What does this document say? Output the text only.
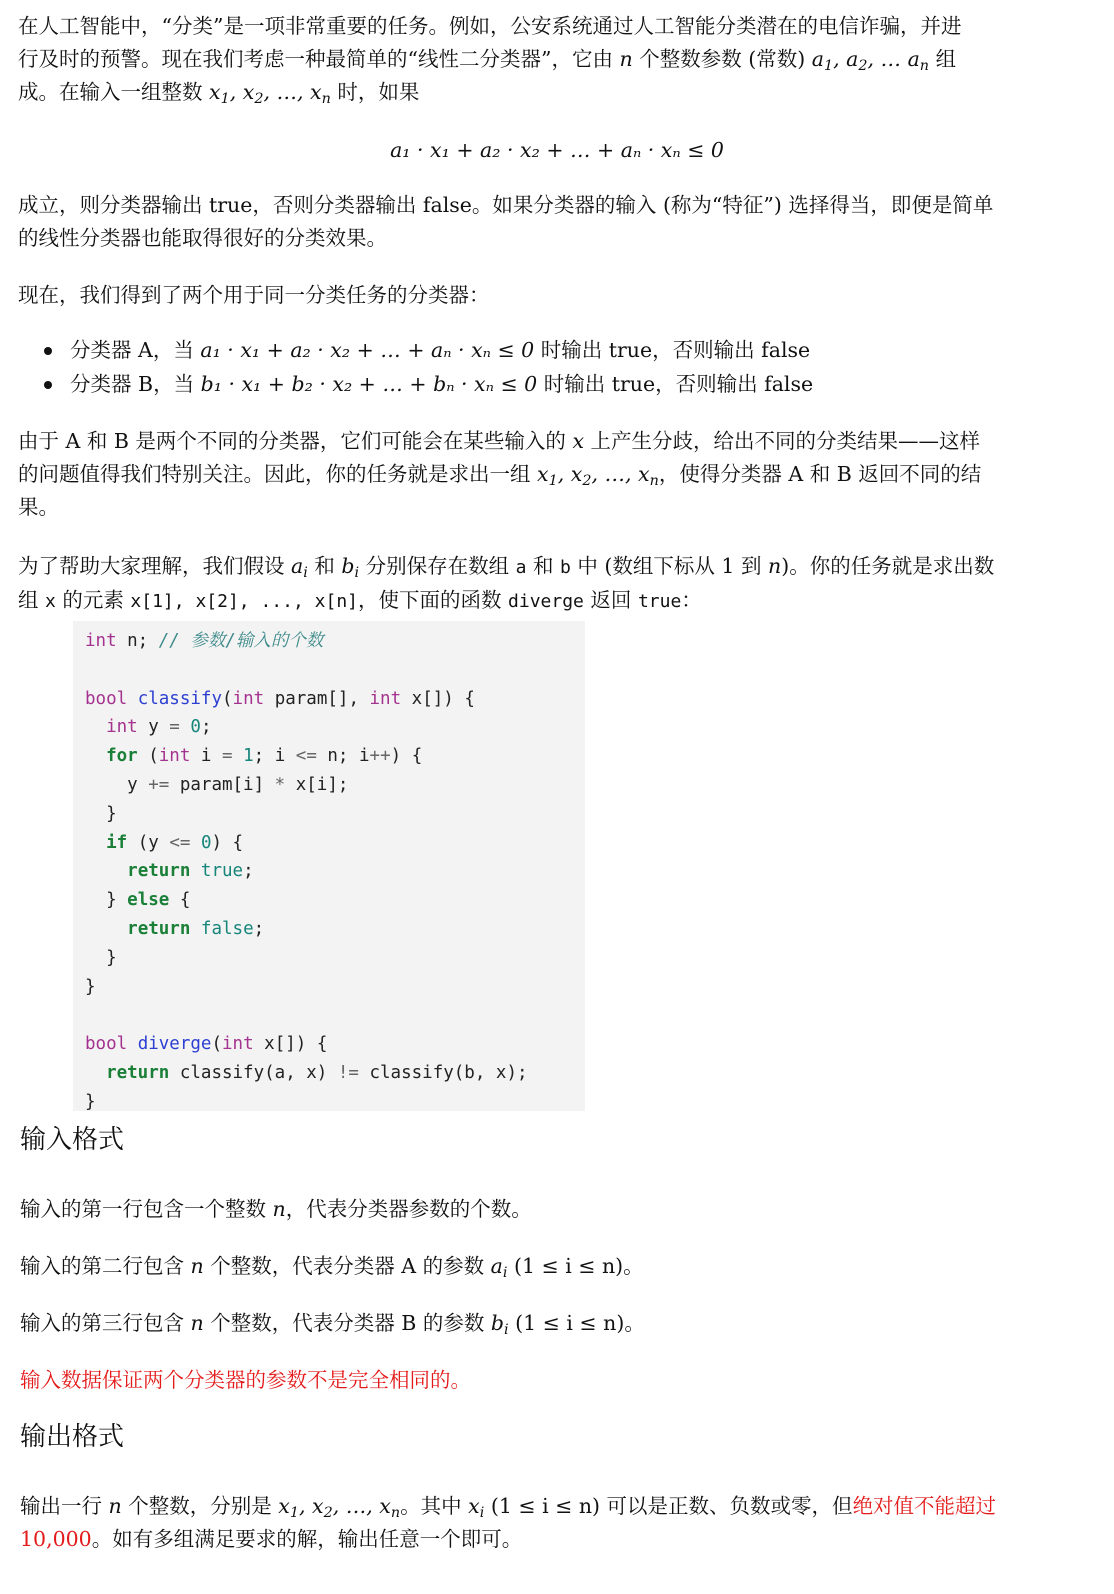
在人工智能中，“分类”是一项非常重要的任务。例如，公安系统通过人工智能分类潜在的电信诈骗，并进
行及时的预警。现在我们考虑一种最简单的“线性二分类器”，它由 n 个整数参数 (常数) $a_1$, $a_2$, … $a_n$ 组
成。在输入一组整数 $x_1$, $x_2$, …, $x_n$ 时，如果

a₁ · x₁ + a₂ · x₂ + … + aₙ · xₙ ≤ 0

成立，则分类器输出 true，否则分类器输出 false。如果分类器的输入 (称为“特征”) 选择得当，即便是简单
的线性分类器也能取得很好的分类效果。

现在，我们得到了两个用于同一分类任务的分类器：

分类器 A，当 a₁ · x₁ + a₂ · x₂ + … + aₙ · xₙ ≤ 0 时输出 true，否则输出 false
分类器 B，当 b₁ · x₁ + b₂ · x₂ + … + bₙ · xₙ ≤ 0 时输出 true，否则输出 false

由于 A 和 B 是两个不同的分类器，它们可能会在某些输入的 x 上产生分歧，给出不同的分类结果——这样
的问题值得我们特别关注。因此，你的任务就是求出一组 $x_1$, $x_2$, …, $x_n$，使得分类器 A 和 B 返回不同的结
果。

为了帮助大家理解，我们假设 $a_i$ 和 $b_i$ 分别保存在数组 a 和 b 中 (数组下标从 1 到 n)。你的任务就是求出数
组 x 的元素 x[1], x[2], ..., x[n]，使下面的函数 diverge 返回 true：

int n; // 参数/输入的个数

bool classify(int param[], int x[]) {
int y = 0;
for (int i = 1; i <= n; i++) {
y += param[i] * x[i];
}
if (y <= 0) {
return true;
} else {
return false;
}
}

bool diverge(int x[]) {
return classify(a, x) != classify(b, x);
}
输入格式

输入的第一行包含一个整数 n，代表分类器参数的个数。

输入的第二行包含 n 个整数，代表分类器 A 的参数 $a_i$ (1 ≤ i ≤ n)。

输入的第三行包含 n 个整数，代表分类器 B 的参数 $b_i$ (1 ≤ i ≤ n)。

输入数据保证两个分类器的参数不是完全相同的。

输出格式

输出一行 n 个整数，分别是 $x_1$, $x_2$, …, $x_n$。其中 $x_i$ (1 ≤ i ≤ n) 可以是正数、负数或零，但绝对值不能超过
10,000。如有多组满足要求的解，输出任意一个即可。
